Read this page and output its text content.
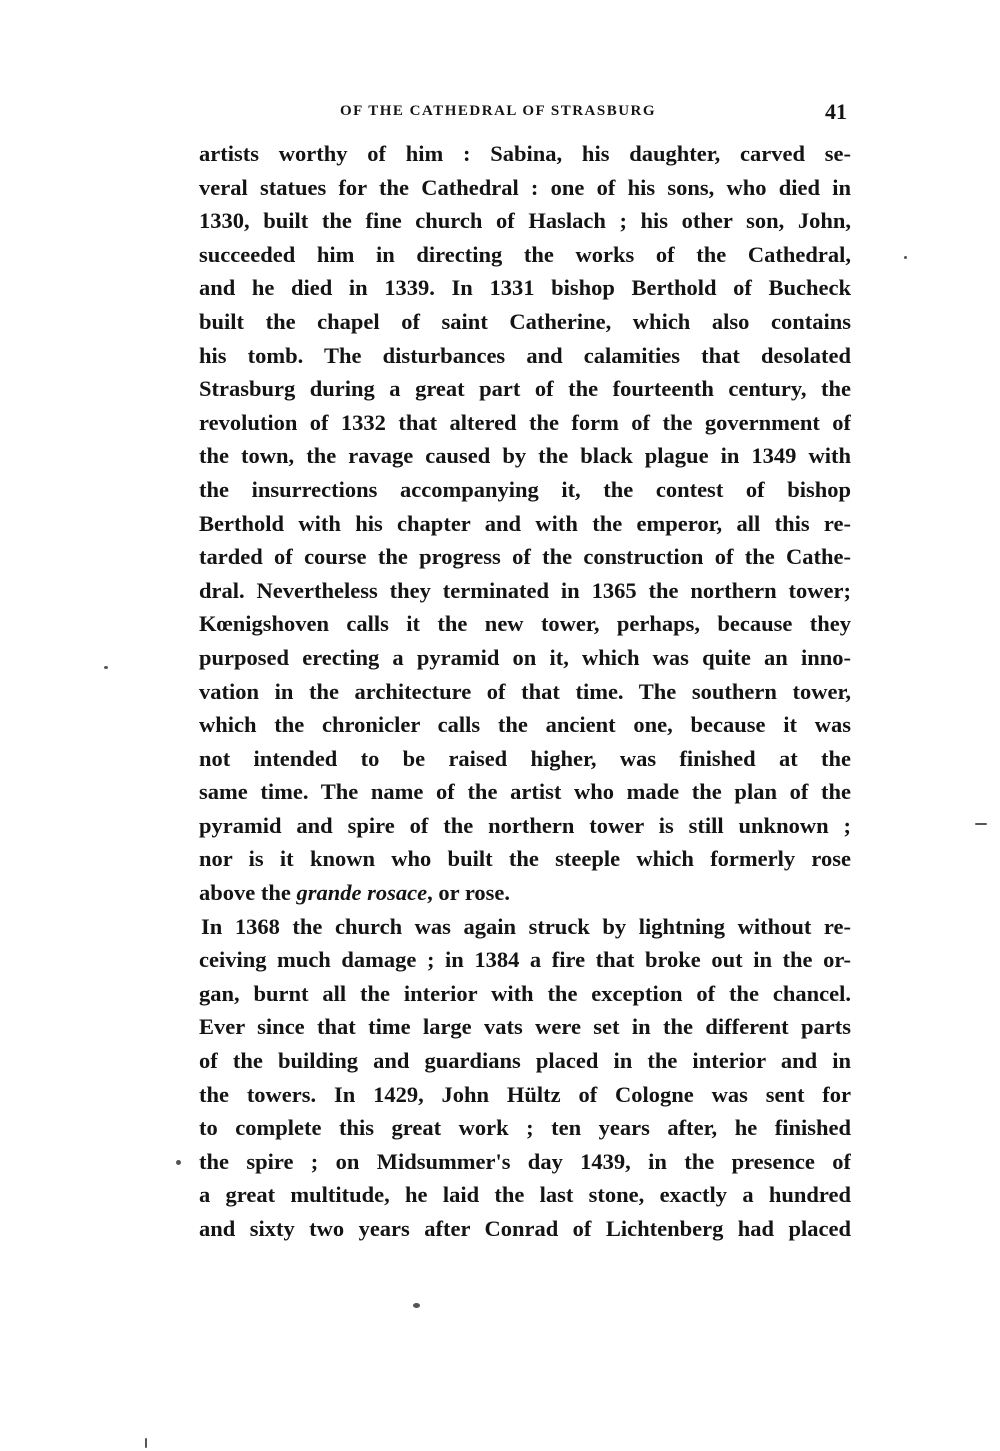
OF THE CATHEDRAL OF STRASBURG	41
artists worthy of him : Sabina, his daughter, carved se-
veral statues for the Cathedral : one of his sons, who died in
1330, built the fine church of Haslach ; his other son, John,
succeeded him in directing the works of the Cathedral,
and he died in 1339. In 1331 bishop Berthold of Bucheck
built the chapel of saint Catherine, which also contains
his tomb. The disturbances and calamities that desolated
Strasburg during a great part of the fourteenth century, the
revolution of 1332 that altered the form of the government of
the town, the ravage caused by the black plague in 1349 with
the insurrections accompanying it, the contest of bishop
Berthold with his chapter and with the emperor, all this re-
tarded of course the progress of the construction of the Cathe-
dral. Nevertheless they terminated in 1365 the northern tower;
Kœnigshoven calls it the new tower, perhaps, because they
purposed erecting a pyramid on it, which was quite an inno-
vation in the architecture of that time. The southern tower,
which the chronicler calls the ancient one, because it was
not intended to be raised higher, was finished at the
same time. The name of the artist who made the plan of the
pyramid and spire of the northern tower is still unknown ;
nor is it known who built the steeple which formerly rose
above the grande rosace, or rose.
In 1368 the church was again struck by lightning without re-
ceiving much damage ; in 1384 a fire that broke out in the or-
gan, burnt all the interior with the exception of the chancel.
Ever since that time large vats were set in the different parts
of the building and guardians placed in the interior and in
the towers. In 1429, John Hültz of Cologne was sent for
to complete this great work ; ten years after, he finished
the spire ; on Midsummer's day 1439, in the presence of
a great multitude, he laid the last stone, exactly a hundred
and sixty two years after Conrad of Lichtenberg had placed
